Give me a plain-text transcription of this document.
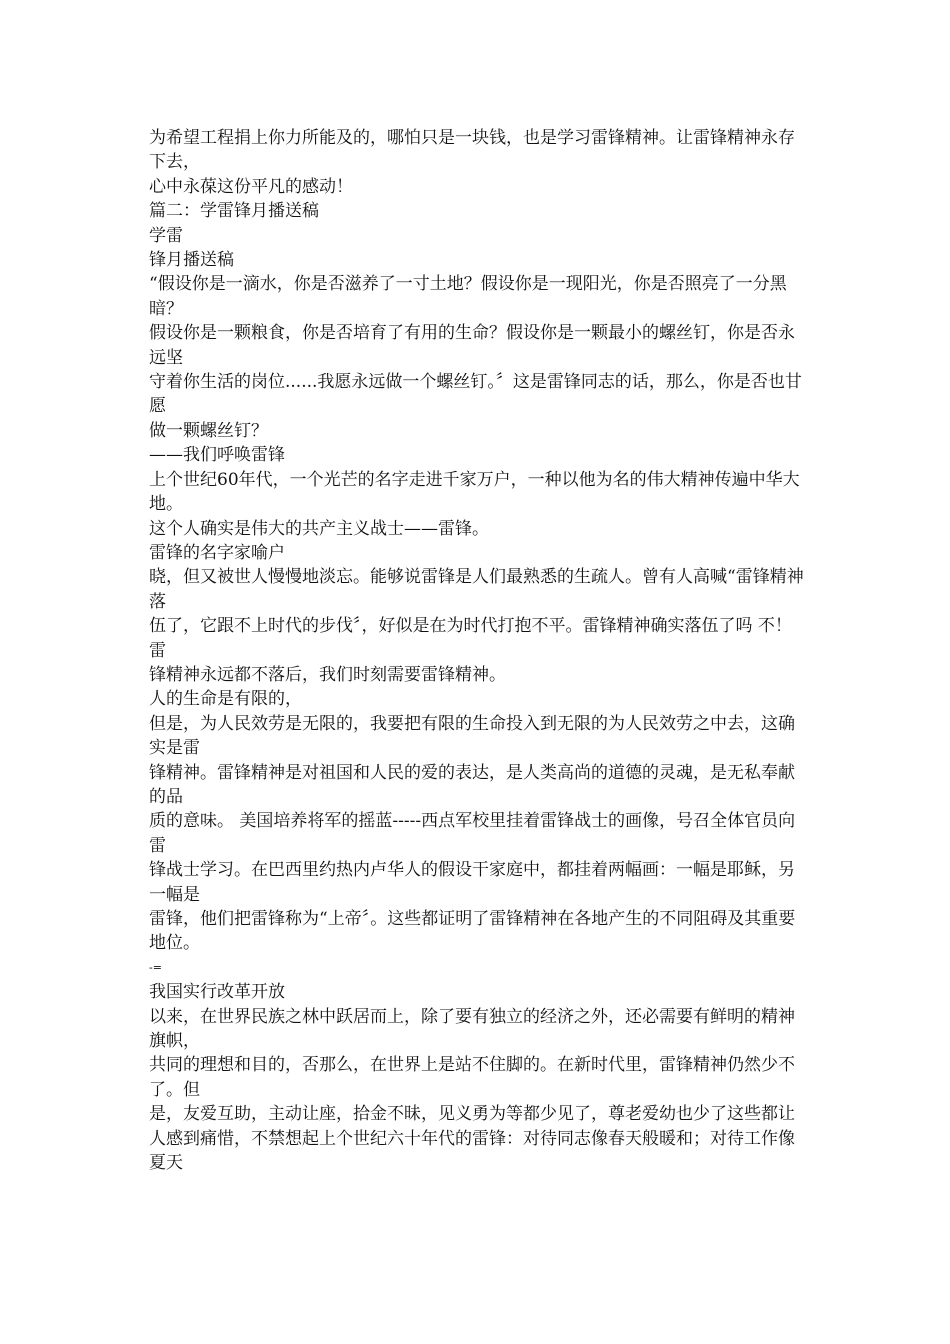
为希望工程捐上你力所能及的，哪怕只是一块钱，也是学习雷锋精神。让雷锋精神永存下去，

心中永葆这份平凡的感动！

篇二：学雷锋月播送稿

学雷

锋月播送稿

“假设你是一滴水，你是否滋养了一寸土地？假设你是一现阳光，你是否照亮了一分黑暗？

假设你是一颗粮食，你是否培育了有用的生命？假设你是一颗最小的螺丝钉，你是否永远坚

守着你生活的岗位......我愿永远做一个螺丝钉。〞这是雷锋同志的话，那么，你是否也甘愿

做一颗螺丝钉？

——我们呼唤雷锋

上个世纪60年代，一个光芒的名字走进千家万户，一种以他为名的伟大精神传遍中华大地。

这个人确实是伟大的共产主义战士——雷锋。

雷锋的名字家喻户

晓，但又被世人慢慢地淡忘。能够说雷锋是人们最熟悉的生疏人。曾有人高喊“雷锋精神落

伍了，它跟不上时代的步伐〞，好似是在为时代打抱不平。雷锋精神确实落伍了吗 不！雷

锋精神永远都不落后，我们时刻需要雷锋精神。

人的生命是有限的，

但是，为人民效劳是无限的，我要把有限的生命投入到无限的为人民效劳之中去，这确实是雷

锋精神。雷锋精神是对祖国和人民的爱的表达，是人类高尚的道德的灵魂，是无私奉献的品

质的意味。 美国培养将军的摇蓝-----西点军校里挂着雷锋战士的画像，号召全体官员向雷

锋战士学习。在巴西里约热内卢华人的假设干家庭中，都挂着两幅画：一幅是耶稣，另一幅是

雷锋，他们把雷锋称为“上帝〞。这些都证明了雷锋精神在各地产生的不同阻碍及其重要地位。

-=

我国实行改革开放

以来，在世界民族之林中跃居而上，除了要有独立的经济之外，还必需要有鲜明的精神旗帜，

共同的理想和目的，否那么，在世界上是站不住脚的。在新时代里，雷锋精神仍然少不了。但

是，友爱互助，主动让座，拾金不昧，见义勇为等都少见了，尊老爱幼也少了这些都让

人感到痛惜，不禁想起上个世纪六十年代的雷锋：对待同志像春天般暖和；对待工作像夏天
